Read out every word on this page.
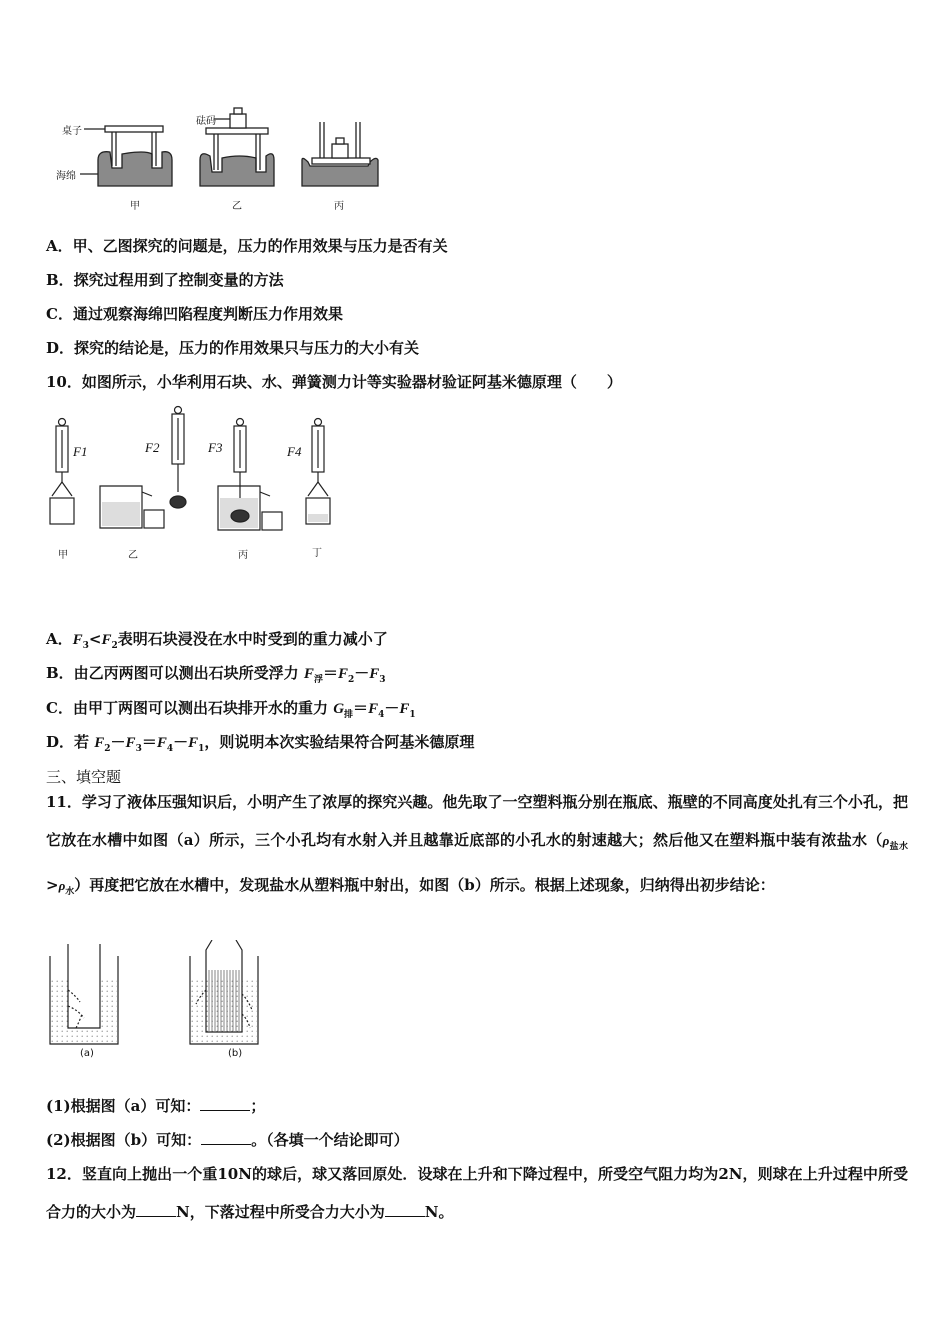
桌子
海绵
砝码
甲	乙	丙
A．甲、乙图探究的问题是，压力的作用效果与压力是否有关
B．探究过程用到了控制变量的方法
C．通过观察海绵凹陷程度判断压力作用效果
D．探究的结论是，压力的作用效果只与压力的大小有关
10．如图所示，小华利用石块、水、弹簧测力计等实验器材验证阿基米德原理（　　）
F1	F2	F3	F4
甲	乙	丙	丁
A．$F_3<F_2$表明石块浸没在水中时受到的重力减小了
B．由乙丙两图可以测出石块所受浮力 $F_浮=F_2-F_3$
C．由甲丁两图可以测出石块排开水的重力 $G_排=F_4-F_1$
D．若 $F_2-F_3=F_4-F_1$，则说明本次实验结果符合阿基米德原理
三、填空题
11．学习了液体压强知识后，小明产生了浓厚的探究兴趣。他先取了一空塑料瓶分别在瓶底、瓶壁的不同高度处扎有三个小孔，把它放在水槽中如图（a）所示，三个小孔均有水射入并且越靠近底部的小孔水的射速越大；然后他又在塑料瓶中装有浓盐水$(\rho_{盐水}>\rho_水)$再度把它放在水槽中，发现盐水从塑料瓶中射出，如图（b）所示。根据上述现象，归纳得出初步结论：
(a)	(b)
(1)根据图（a）可知：	；
(2)根据图（b）可知：	。（各填一个结论即可）
12．竖直向上抛出一个重10N的球后，球又落回原处．设球在上升和下降过程中，所受空气阻力均为2N，则球在上升过程中所受合力的大小为	N，下落过程中所受合力大小为	N。
